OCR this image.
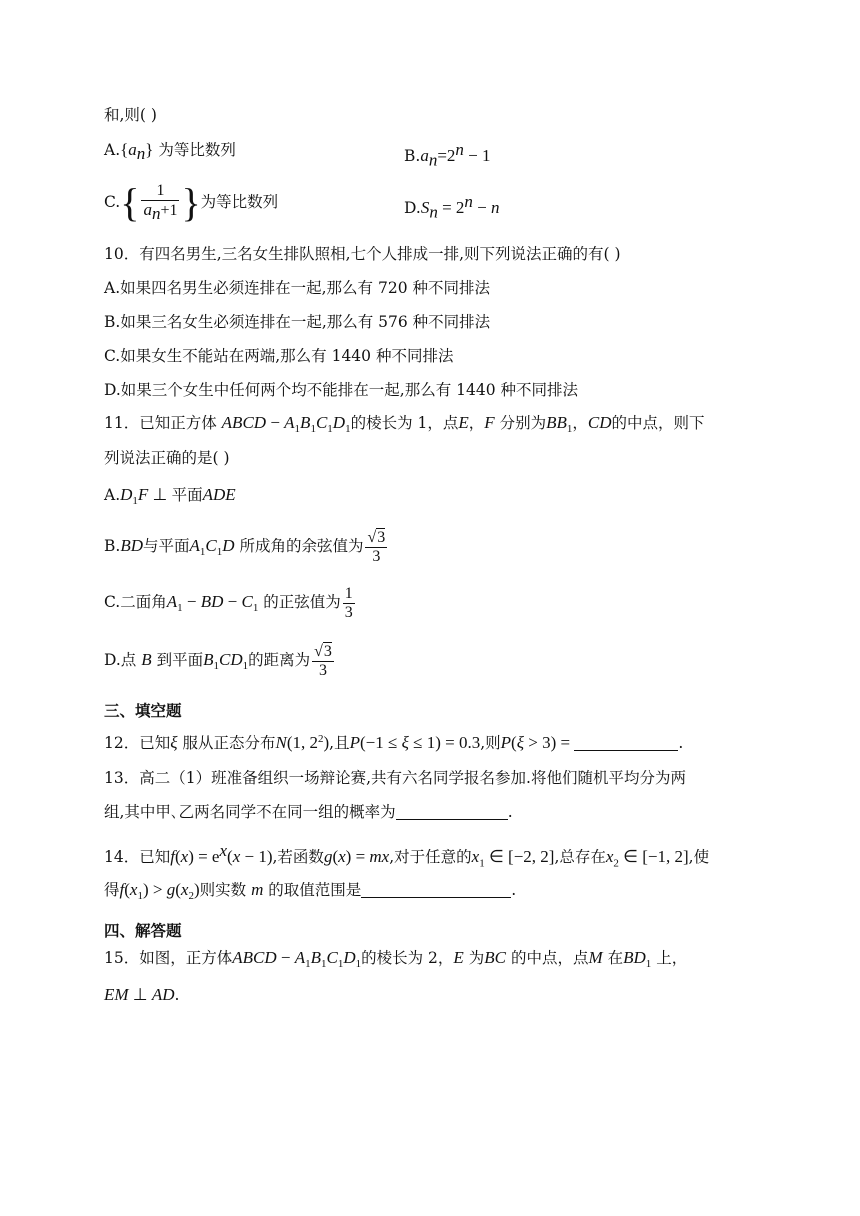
和,则( )
$A.\{a_n\}$ 为等比数列	$B.a_n=2^n - 1$
$C.\{ \frac{1}{a_n+1}$ }为等比数列	$D.S_n = 2^n - n$
10．有四名男生,三名女生排队照相,七个人排成一排,则下列说法正确的有( )
A.如果四名男生必须连排在一起,那么有 720 种不同排法
B.如果三名女生必须连排在一起,那么有 576 种不同排法
C.如果女生不能站在两端,那么有 1440 种不同排法
D.如果三个女生中任何两个均不能排在一起,那么有 1440 种不同排法
11．已知正方体 ABCD − $A_1B_1C_1D_1$的棱长为 1，点E，F 分别为$BB_1$，CD的中点，则下
列说法正确的是( )
$A.D_1F$ ⊥ 平面ADE
B.BD与平面$A_1C_1D$ 所成角的余弦值为 $\frac{√3}{3}$
C.二面角$A_1$ − BD − $C_1$ 的正弦值为 $\frac{1}{3}$
D.点 B 到平面$B_1CD_1$的距离为 $\frac{√3}{3}$
三、填空题
12．已知ξ 服从正态分布N(1, $2^2$),且P(−1 ≤ ξ ≤ 1) = 0.3,则P(ξ > 3) =	.
13．高二（1）班准备组织一场辩论赛,共有六名同学报名参加.将他们随机平均分为两
组,其中甲､乙两名同学不在同一组的概率为	.
14．已知$f(x) = e^x(x - 1)$,若函数g(x) = mx,对于任意的$x_1$ ∈ [−2, 2],总存在$x_2$ ∈ [−1, 2],使
得$f(x_1) > g(x_2)$则实数 m 的取值范围是	.
四、解答题
15．如图，正方体ABCD − $A_1B_1C_1D_1$的棱长为 2，E 为BC 的中点，点M 在$BD_1$ 上，
EM ⊥ AD.
